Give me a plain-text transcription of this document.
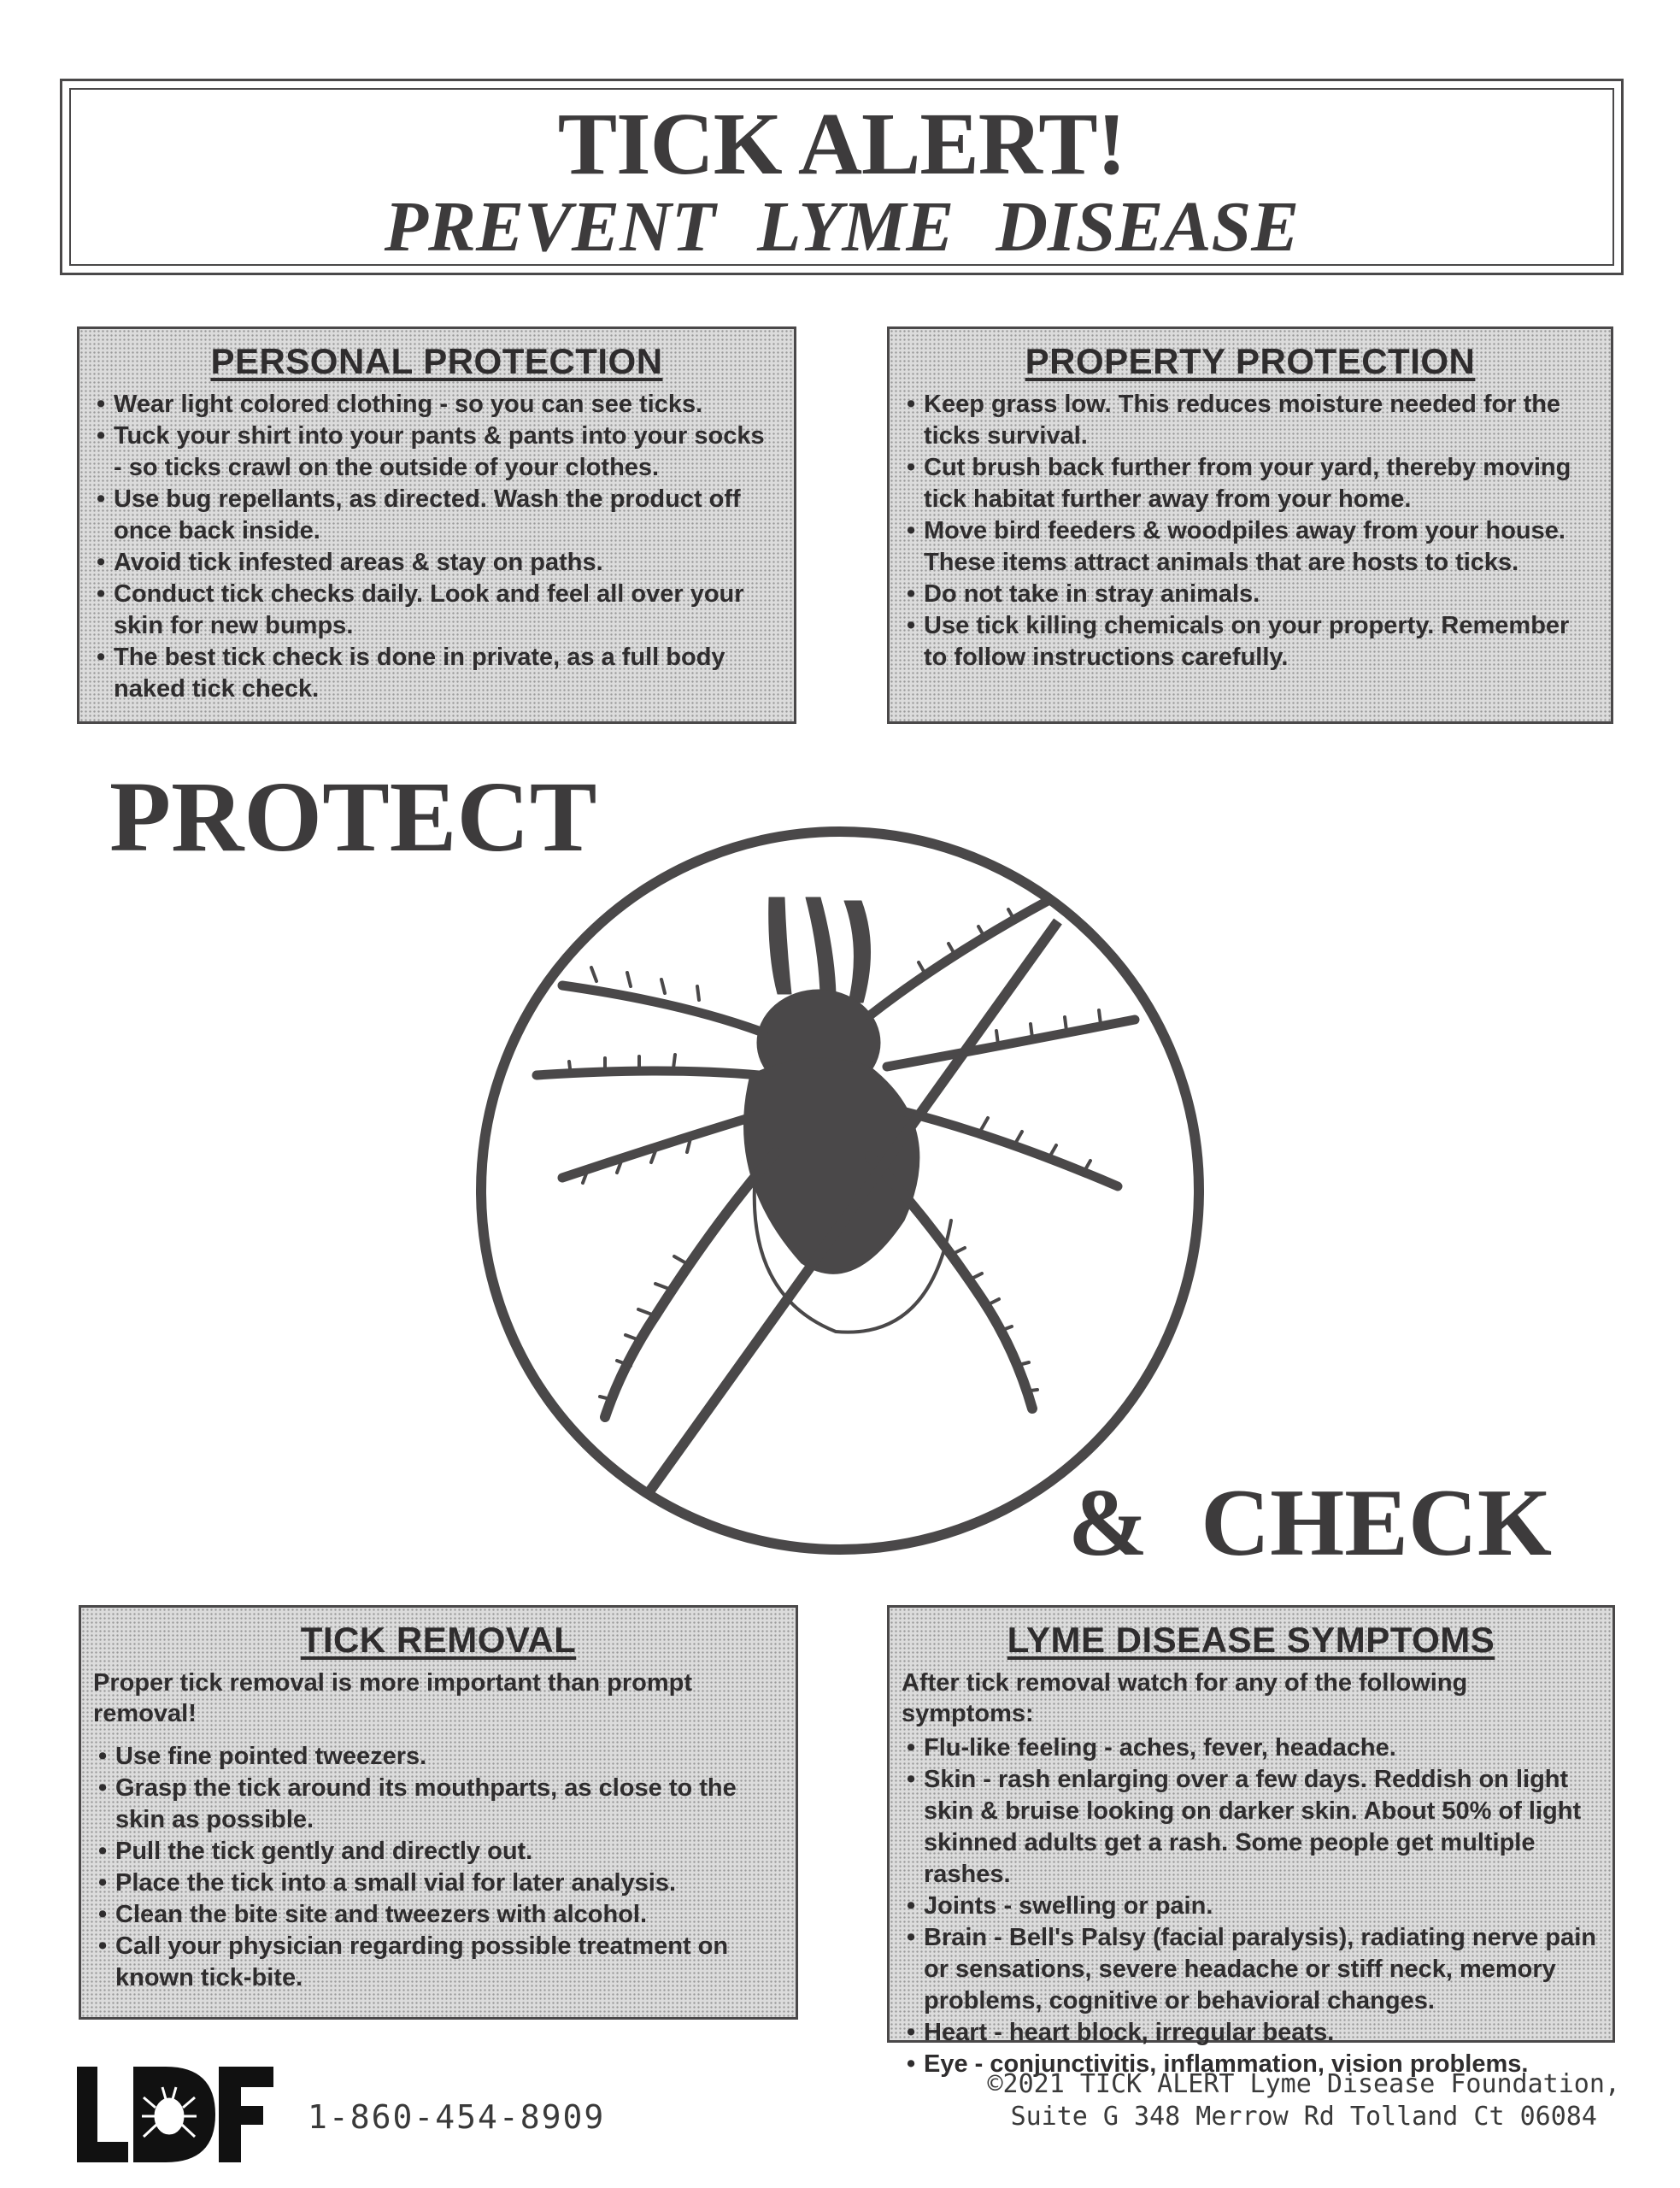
TICK ALERT!
PREVENT LYME DISEASE
PERSONAL PROTECTION
• Wear light colored clothing - so you can see ticks.
• Tuck your shirt into your pants & pants into your socks - so ticks crawl on the outside of your clothes.
• Use bug repellants, as directed. Wash the product off once back inside.
• Avoid tick infested areas & stay on paths.
• Conduct tick checks daily. Look and feel all over your skin for new bumps.
• The best tick check is done in private, as a full body naked tick check.
PROPERTY PROTECTION
• Keep grass low. This reduces moisture needed for the ticks survival.
• Cut brush back further from your yard, thereby moving tick habitat further away from your home.
• Move bird feeders & woodpiles away from your house. These items attract animals that are hosts to ticks.
• Do not take in stray animals.
• Use tick killing chemicals on your property. Remember to follow instructions carefully.
PROTECT
& CHECK
TICK REMOVAL
Proper tick removal is more important than prompt removal!
• Use fine pointed tweezers.
• Grasp the tick around its mouthparts, as close to the skin as possible.
• Pull the tick gently and directly out.
• Place the tick into a small vial for later analysis.
• Clean the bite site and tweezers with alcohol.
• Call your physician regarding possible treatment on known tick-bite.
LYME DISEASE SYMPTOMS
After tick removal watch for any of the following symptoms:
• Flu-like feeling - aches, fever, headache.
• Skin - rash enlarging over a few days. Reddish on light skin & bruise looking on darker skin. About 50% of light skinned adults get a rash. Some people get multiple rashes.
• Joints - swelling or pain.
• Brain - Bell's Palsy (facial paralysis), radiating nerve pain or sensations, severe headache or stiff neck, memory problems, cognitive or behavioral changes.
• Heart - heart block, irregular beats.
• Eye - conjunctivitis, inflammation, vision problems.
1-860-454-8909
©2021 TICK ALERT Lyme Disease Foundation,
Suite G 348 Merrow Rd Tolland Ct 06084
